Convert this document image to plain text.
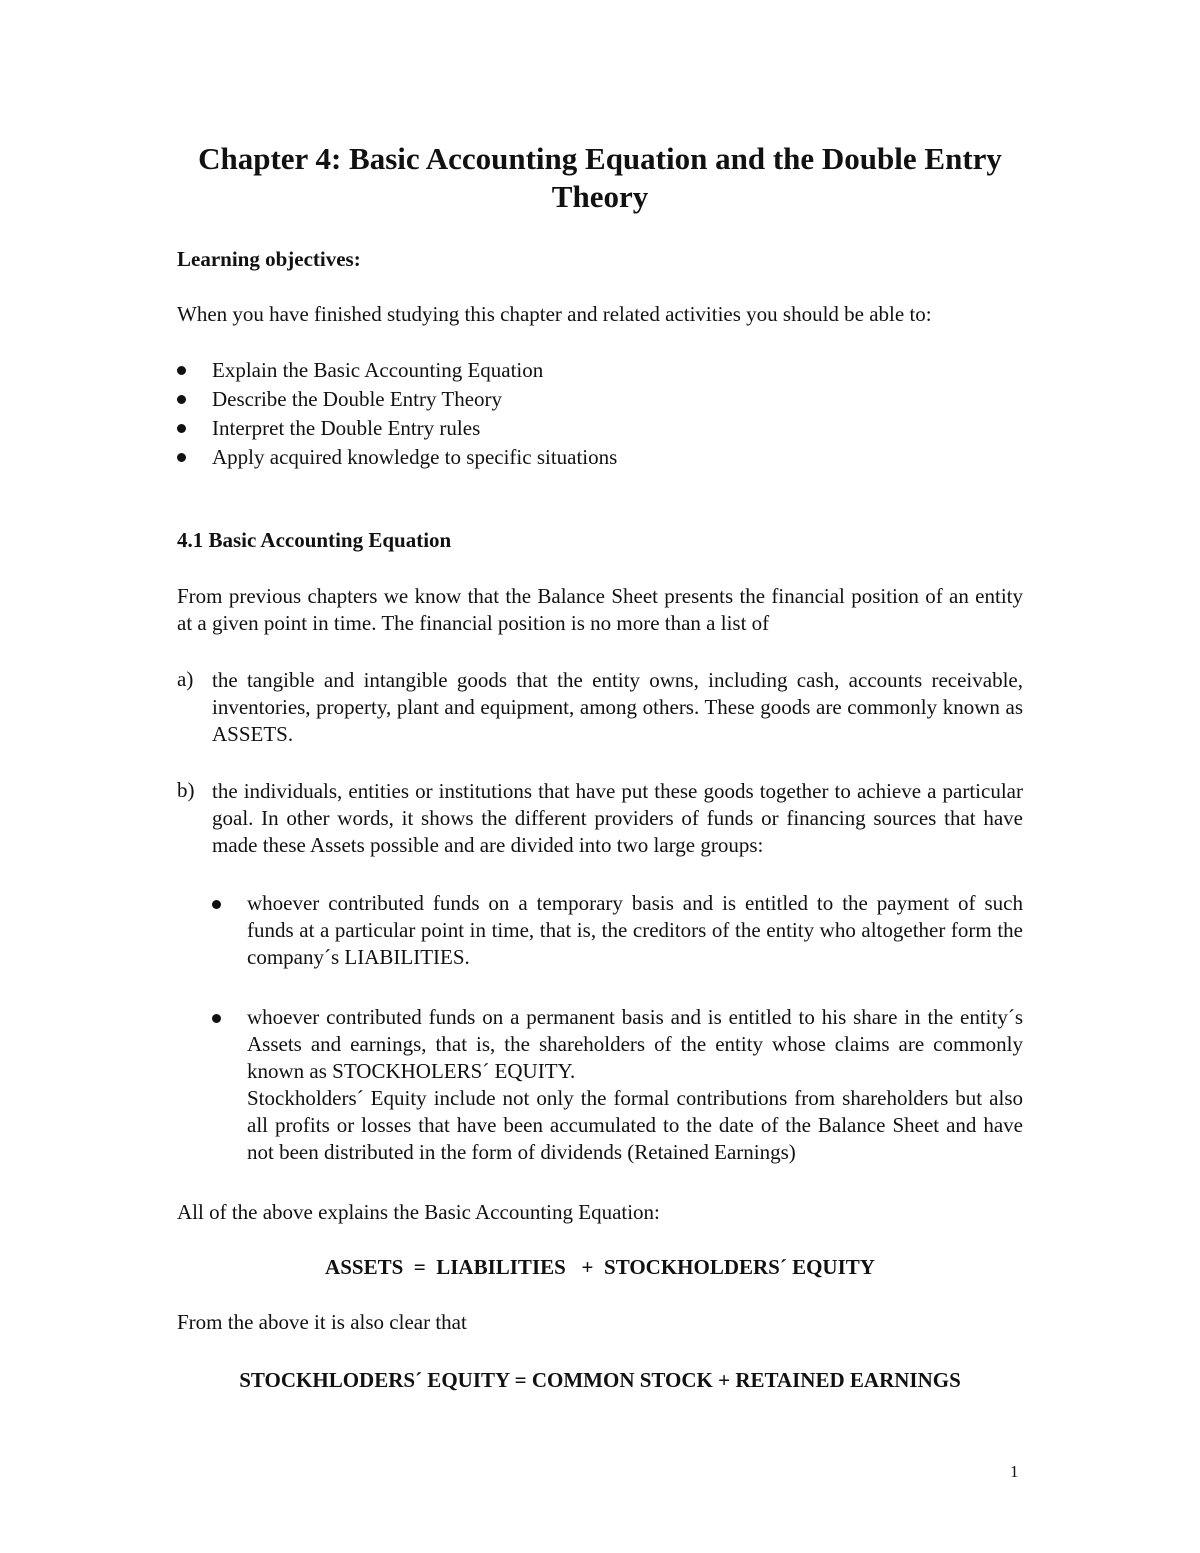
Chapter 4: Basic Accounting Equation and the Double Entry Theory

Learning objectives:

When you have finished studying this chapter and related activities you should be able to:

Explain the Basic Accounting Equation
Describe the Double Entry Theory
Interpret the Double Entry rules
Apply acquired knowledge to specific situations

4.1 Basic Accounting Equation

From previous chapters we know that the Balance Sheet presents the financial position of an entity at a given point in time. The financial position is no more than a list of
a) the tangible and intangible goods that the entity owns, including cash, accounts receivable, inventories, property, plant and equipment, among others. These goods are commonly known as ASSETS.
b) the individuals, entities or institutions that have put these goods together to achieve a particular goal. In other words, it shows the different providers of funds or financing sources that have made these Assets possible and are divided into two large groups:
whoever contributed funds on a temporary basis and is entitled to the payment of such funds at a particular point in time, that is, the creditors of the entity who altogether form the company´s LIABILITIES.
whoever contributed funds on a permanent basis and is entitled to his share in the entity´s Assets and earnings, that is, the shareholders of the entity whose claims are commonly known as STOCKHOLERS´ EQUITY.
Stockholders´ Equity include not only the formal contributions from shareholders but also all profits or losses that have been accumulated to the date of the Balance Sheet and have not been distributed in the form of dividends (Retained Earnings)

All of the above explains the Basic Accounting Equation:

ASSETS  =  LIABILITIES   +  STOCKHOLDERS´ EQUITY

From the above it is also clear that

STOCKHLODERS´ EQUITY = COMMON STOCK + RETAINED EARNINGS

1
